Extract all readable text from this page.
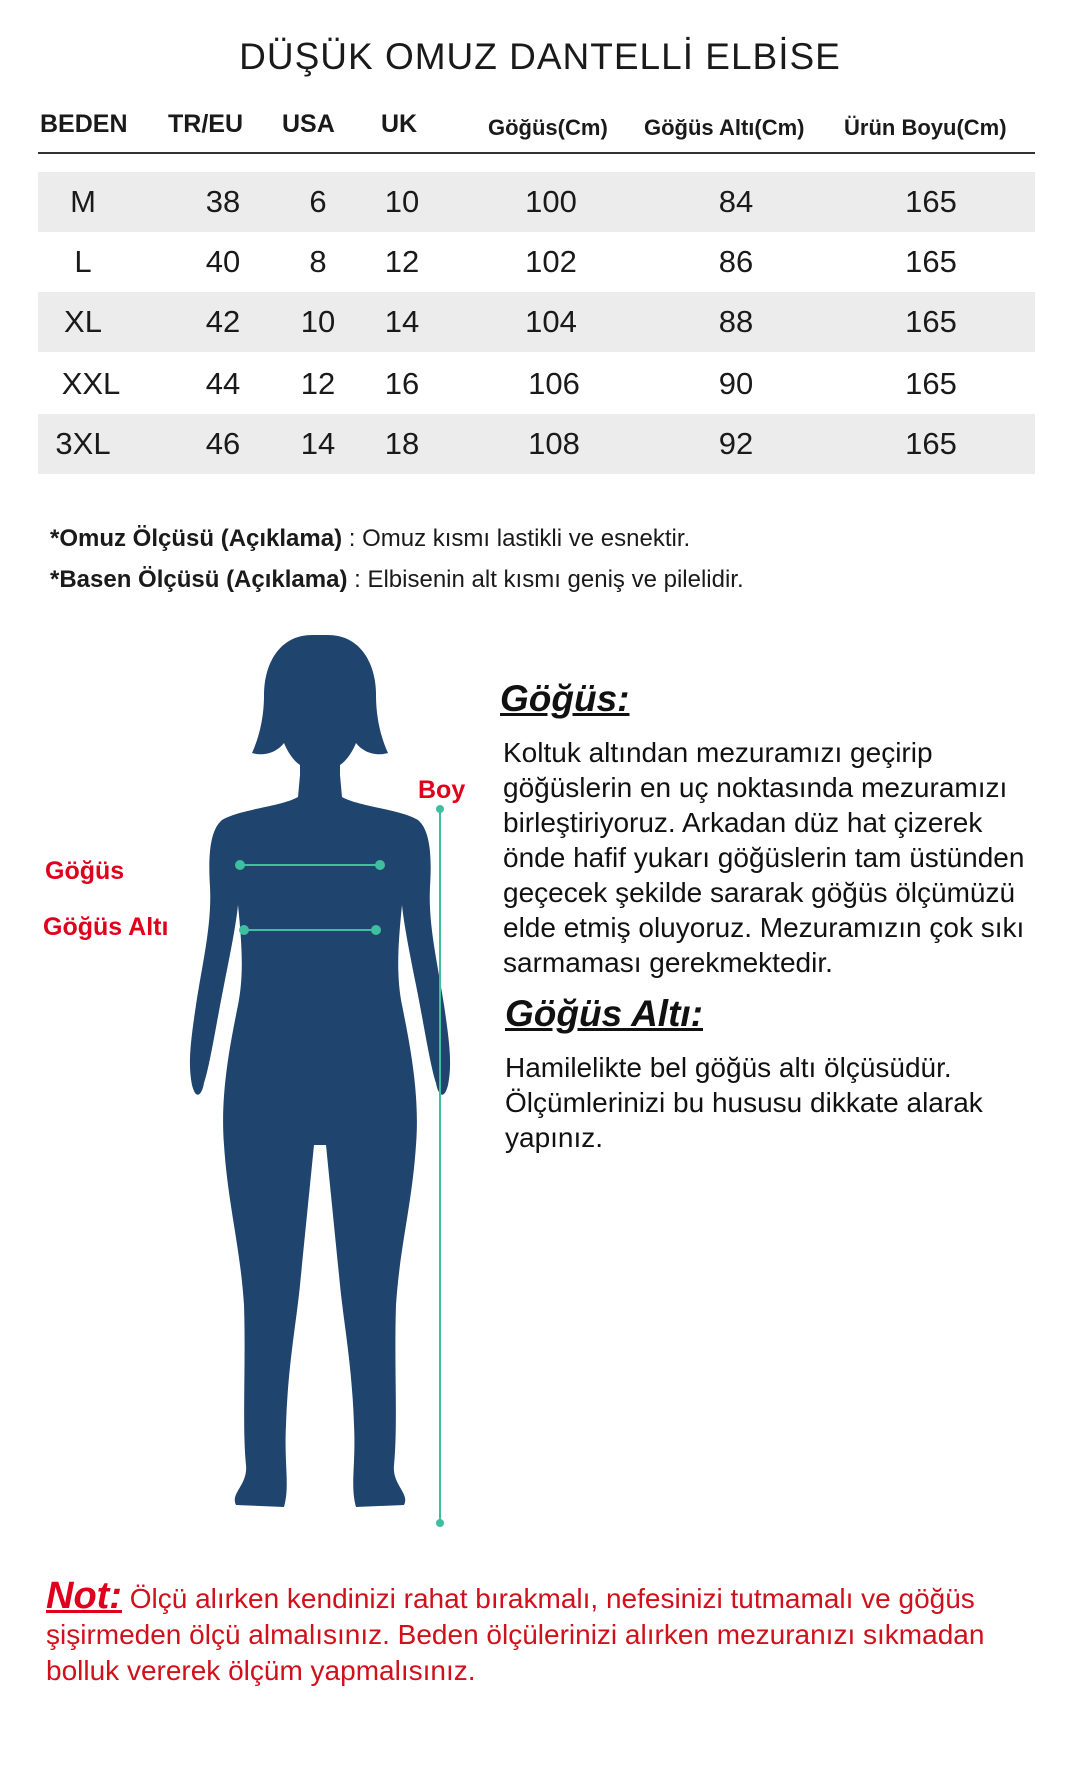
DÜŞÜK OMUZ DANTELLİ ELBİSE
BEDEN TR/EU USA UK	Göğüs(Cm) Göğüs Altı(Cm) Ürün Boyu(Cm)
M	38	6	10	100	84	165
L	40	8	12	102	86	165
XL	42	10	14	104	88	165
XXL	44	12	16	106	90	165
3XL	46	14	18	108	92	165
*Omuz Ölçüsü (Açıklama) : Omuz kısmı lastikli ve esnektir.
*Basen Ölçüsü (Açıklama) : Elbisenin alt kısmı geniş ve pilelidir.
Göğüs
Göğüs Altı
Boy
Göğüs:
Koltuk altından mezuramızı geçirip göğüslerin en uç noktasında mezuramızı birleştiriyoruz. Arkadan düz hat çizerek önde hafif yukarı göğüslerin tam üstünden geçecek şekilde sararak göğüs ölçümüzü elde etmiş oluyoruz. Mezuramızın çok sıkı sarmaması gerekmektedir.
Göğüs Altı:
Hamilelikte bel göğüs altı ölçüsüdür. Ölçümlerinizi bu hususu dikkate alarak yapınız.
Not: Ölçü alırken kendinizi rahat bırakmalı, nefesinizi tutmamalı ve göğüs şişirmeden ölçü almalısınız. Beden ölçülerinizi alırken mezuranızı sıkmadan bolluk vererek ölçüm yapmalısınız.
